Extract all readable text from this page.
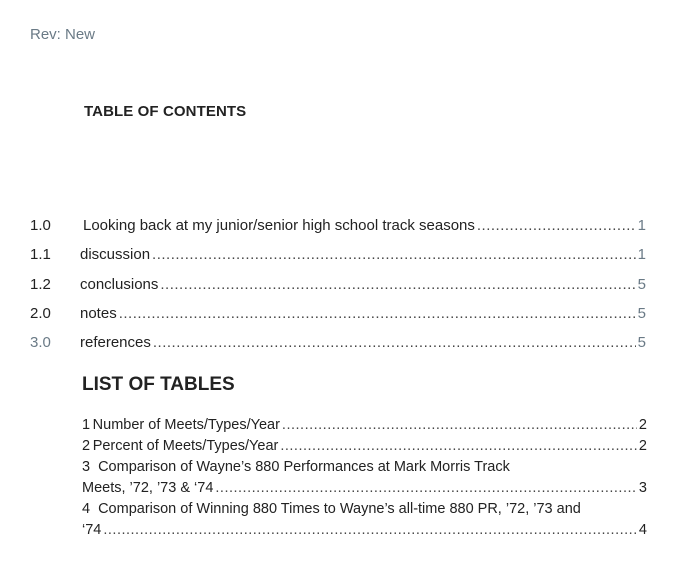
Rev: New
TABLE OF CONTENTS
1.0	Looking back at my junior/senior high school track seasons .....	1
1.1	discussion .....	1
1.2	conclusions .....	5
2.0	notes .....	5
3.0	references .....	5
LIST OF TABLES
1 Number of Meets/Types/Year .....	2
2 Percent of Meets/Types/Year .....	2
3 Comparison of Wayne’s 880 Performances at Mark Morris Track
Meets, ’72, ’73 & ‘74 .....	3
4 Comparison of Winning 880 Times to Wayne’s all-time 880 PR, ’72, ’73 and
‘74 .....	4
